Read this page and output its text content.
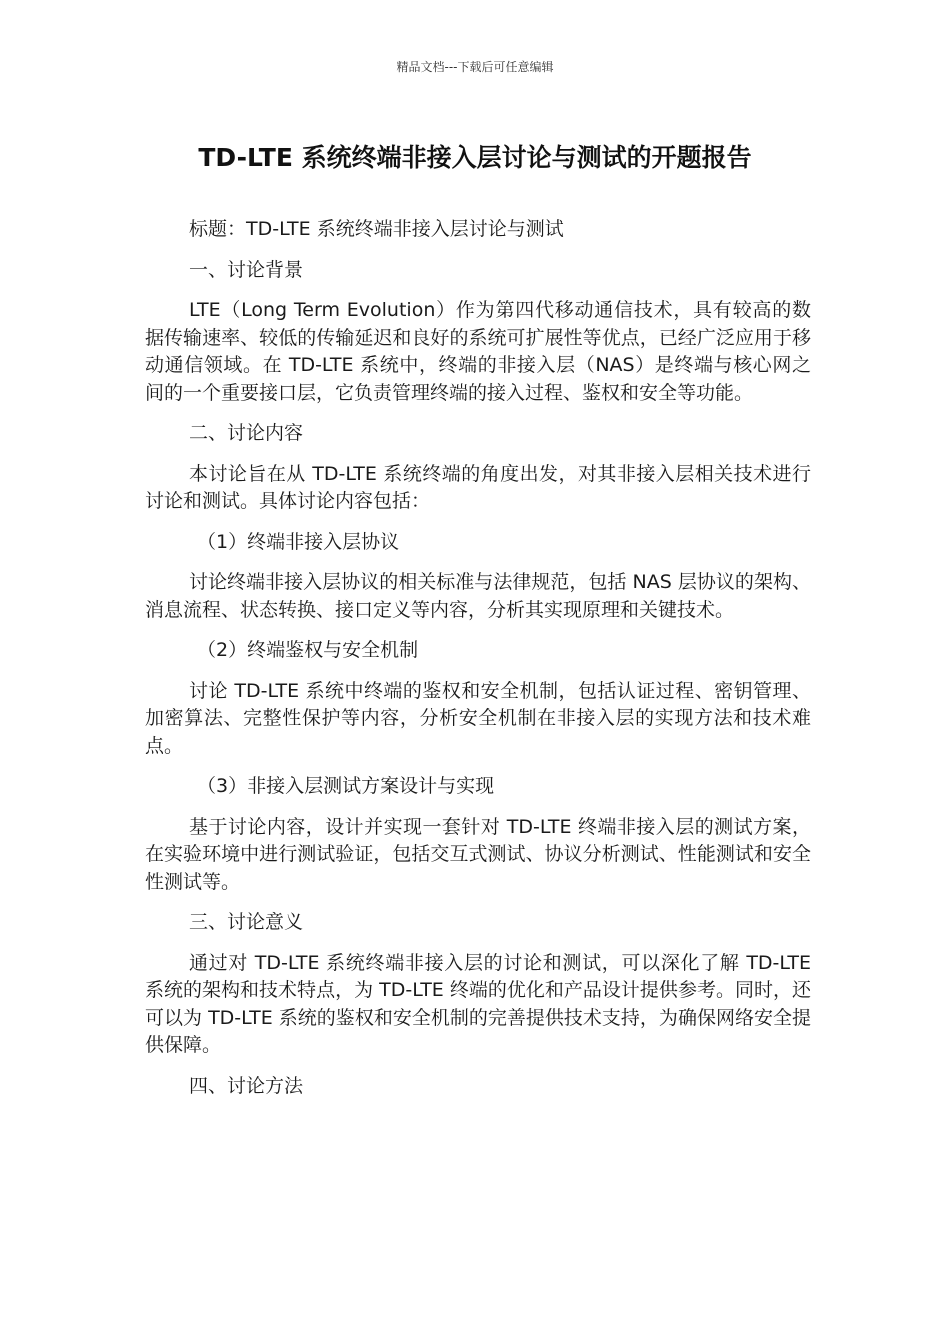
精品文档---下载后可任意编辑
TD-LTE 系统终端非接入层讨论与测试的开题报告

标题：TD-LTE 系统终端非接入层讨论与测试

一、讨论背景

LTE（Long Term Evolution）作为第四代移动通信技术，具有较高的数据传输速率、较低的传输延迟和良好的系统可扩展性等优点，已经广泛应用于移动通信领域。在 TD-LTE 系统中，终端的非接入层（NAS）是终端与核心网之间的一个重要接口层，它负责管理终端的接入过程、鉴权和安全等功能。

二、讨论内容

本讨论旨在从 TD-LTE 系统终端的角度出发，对其非接入层相关技术进行讨论和测试。具体讨论内容包括：

（1）终端非接入层协议

讨论终端非接入层协议的相关标准与法律规范，包括 NAS 层协议的架构、消息流程、状态转换、接口定义等内容，分析其实现原理和关键技术。

（2）终端鉴权与安全机制

讨论 TD-LTE 系统中终端的鉴权和安全机制，包括认证过程、密钥管理、加密算法、完整性保护等内容，分析安全机制在非接入层的实现方法和技术难点。

（3）非接入层测试方案设计与实现

基于讨论内容，设计并实现一套针对 TD-LTE 终端非接入层的测试方案，在实验环境中进行测试验证，包括交互式测试、协议分析测试、性能测试和安全性测试等。

三、讨论意义

通过对 TD-LTE 系统终端非接入层的讨论和测试，可以深化了解 TD-LTE 系统的架构和技术特点，为 TD-LTE 终端的优化和产品设计提供参考。同时，还可以为 TD-LTE 系统的鉴权和安全机制的完善提供技术支持，为确保网络安全提供保障。

四、讨论方法
